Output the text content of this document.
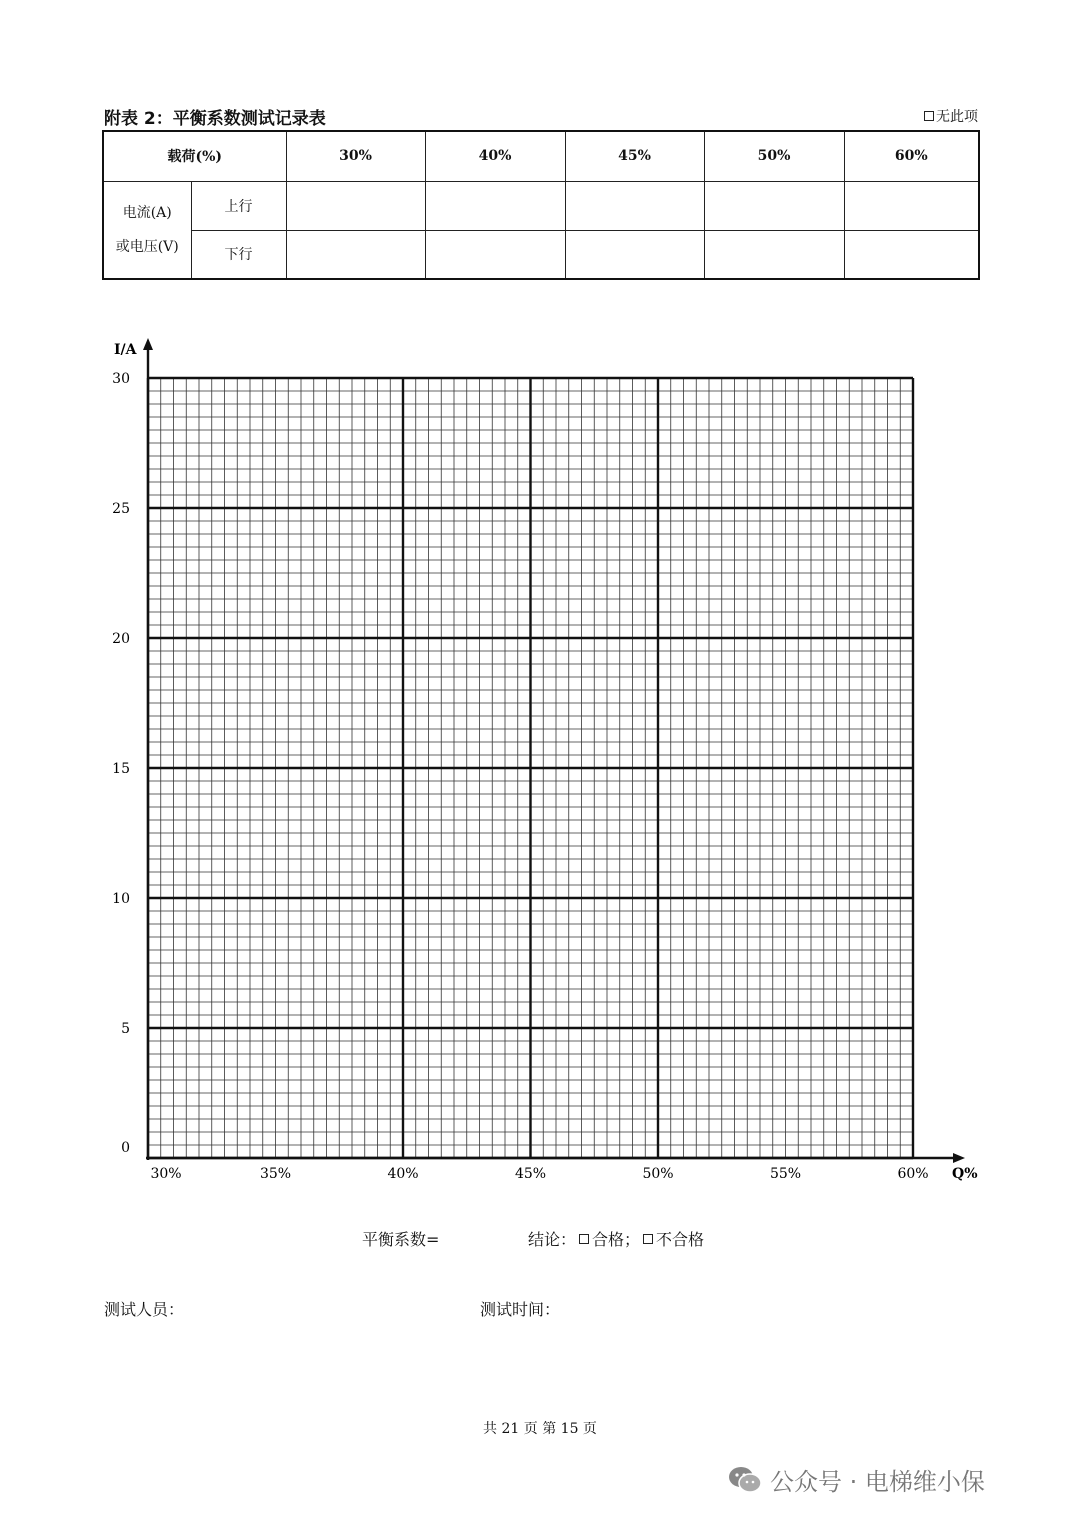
附表 2：平衡系数测试记录表	无此项
载荷(%)		30%	40%	45%	50%	60%

电流(A)
或电压(V)	上行					
	下行					
0
5
10
15
20
25
30
30%	35%	40%	45%	50%	55%	60%
I/A
Q%
平衡系数=	结论： 合格； 不合格
测试人员：	测试时间：
共 21 页 第 15 页
公众号 · 电梯维小保
